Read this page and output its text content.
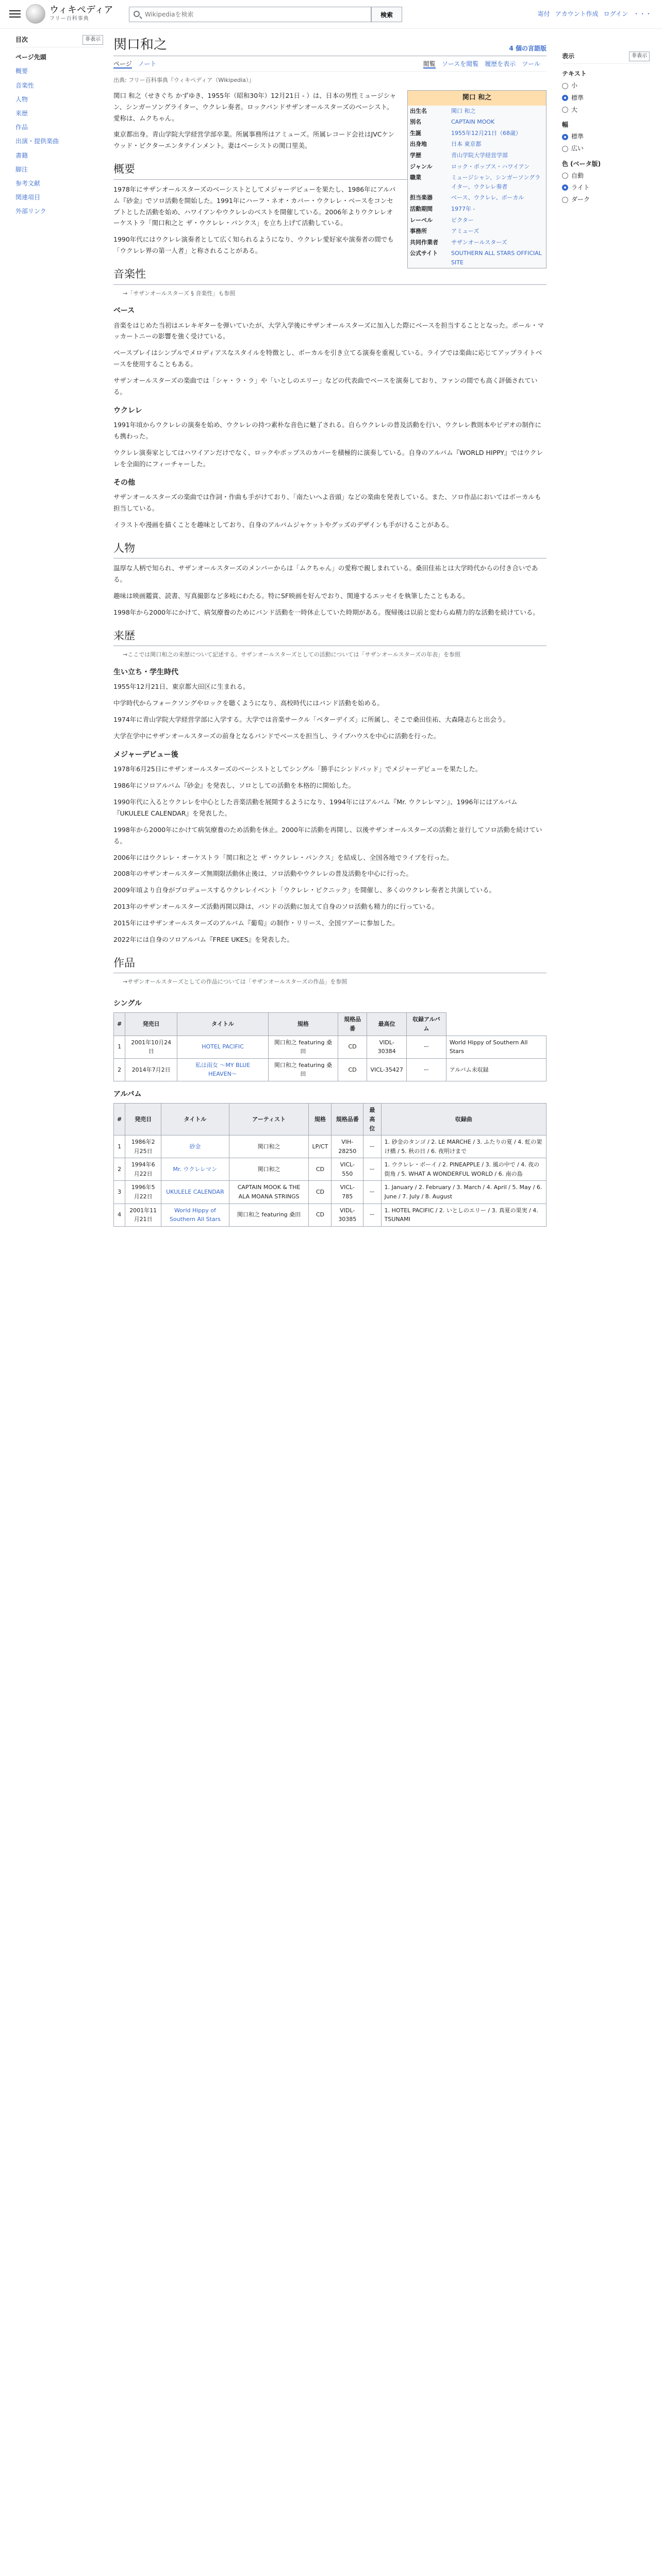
ウィキペディア
フリー百科事典
Wikipediaを検索
検索	寄付 アカウント作成 ログイン ・・・
目次	非表示
ページ先頭
概要
音楽性
人物
来歴
作品
出演・提供楽曲
書籍
脚注
参考文献
関連項目
外部リンク
関口和之	4 個の言語版
ページ ノート	閲覧 ソースを閲覧 履歴を表示 ツール
出典: フリー百科事典『ウィキペディア（Wikipedia）』
関口 和之
出生名	関口 和之
別名	CAPTAIN MOOK
生誕	1955年12月21日（68歳）
出身地	日本 東京都
学歴	青山学院大学経営学部
ジャンル	ロック・ポップス・ハワイアン
職業	ミュージシャン、シンガーソングライター、ウクレレ奏者
担当楽器	ベース、ウクレレ、ボーカル
活動期間	1977年 -
レーベル	ビクター
事務所	アミューズ
共同作業者	サザンオールスターズ
公式サイト	SOUTHERN ALL STARS OFFICIAL SITE

関口 和之（せきぐち かずゆき、1955年（昭和30年）12月21日 - ）は、日本の男性ミュージシャン、シンガーソングライター、ウクレレ奏者。ロックバンドサザンオールスターズのベーシスト。愛称は、ムクちゃん。

東京都出身。青山学院大学経営学部卒業。所属事務所はアミューズ。所属レコード会社はJVCケンウッド・ビクターエンタテインメント。妻はベーシストの関口里美。

概要

1978年にサザンオールスターズのベーシストとしてメジャーデビューを果たし、1986年にアルバム『砂金』でソロ活動を開始した。1991年にハーフ・ネオ・カバー・ウクレレ・ベースをコンセプトとした活動を始め、ハワイアンやウクレレのベストを開催している。2006年よりウクレレオーケストラ「関口和之と ザ・ウクレレ・パンクス」を立ち上げて活動している。

1990年代にはウクレレ演奏者として広く知られるようになり、ウクレレ愛好家や演奏者の間でも「ウクレレ界の第一人者」と称されることがある。

音楽性
→「サザンオールスターズ § 音楽性」も参照
ベース

音楽をはじめた当初はエレキギターを弾いていたが、大学入学後にサザンオールスターズに加入した際にベースを担当することとなった。ポール・マッカートニーの影響を強く受けている。

ベースプレイはシンプルでメロディアスなスタイルを特徴とし、ボーカルを引き立てる演奏を重視している。ライブでは楽曲に応じてアップライトベースを使用することもある。

サザンオールスターズの楽曲では「シャ・ラ・ラ」や「いとしのエリー」などの代表曲でベースを演奏しており、ファンの間でも高く評価されている。

ウクレレ

1991年頃からウクレレの演奏を始め、ウクレレの持つ素朴な音色に魅了される。自らウクレレの普及活動を行い、ウクレレ教則本やビデオの制作にも携わった。

ウクレレ演奏家としてはハワイアンだけでなく、ロックやポップスのカバーを積極的に演奏している。自身のアルバム『WORLD HIPPY』ではウクレレを全面的にフィーチャーした。

その他

サザンオールスターズの楽曲では作詞・作曲も手がけており、「南たいへよ音頭」などの楽曲を発表している。また、ソロ作品においてはボーカルも担当している。

イラストや漫画を描くことを趣味としており、自身のアルバムジャケットやグッズのデザインも手がけることがある。

人物

温厚な人柄で知られ、サザンオールスターズのメンバーからは「ムクちゃん」の愛称で親しまれている。桑田佳祐とは大学時代からの付き合いである。

趣味は映画鑑賞、読書、写真撮影など多岐にわたる。特にSF映画を好んでおり、関連するエッセイを執筆したこともある。

1998年から2000年にかけて、病気療養のためにバンド活動を一時休止していた時期がある。復帰後は以前と変わらぬ精力的な活動を続けている。

来歴
→ここでは関口和之の来歴について記述する。サザンオールスターズとしての活動については「サザンオールスターズの年表」を参照
生い立ち・学生時代

1955年12月21日、東京都大田区に生まれる。

中学時代からフォークソングやロックを聴くようになり、高校時代にはバンド活動を始める。

1974年に青山学院大学経営学部に入学する。大学では音楽サークル「ベターデイズ」に所属し、そこで桑田佳祐、大森隆志らと出会う。

大学在学中にサザンオールスターズの前身となるバンドでベースを担当し、ライブハウスを中心に活動を行った。

メジャーデビュー後

1978年6月25日にサザンオールスターズのベーシストとしてシングル「勝手にシンドバッド」でメジャーデビューを果たした。

1986年にソロアルバム『砂金』を発表し、ソロとしての活動を本格的に開始した。

1990年代に入るとウクレレを中心とした音楽活動を展開するようになり、1994年にはアルバム『Mr. ウクレレマン』、1996年にはアルバム『UKULELE CALENDAR』を発表した。

1998年から2000年にかけて病気療養のため活動を休止。2000年に活動を再開し、以後サザンオールスターズの活動と並行してソロ活動を続けている。

2006年にはウクレレ・オーケストラ「関口和之と ザ・ウクレレ・パンクス」を結成し、全国各地でライブを行った。

2008年のサザンオールスターズ無期限活動休止後は、ソロ活動やウクレレの普及活動を中心に行った。

2009年頃より自身がプロデュースするウクレレイベント「ウクレレ・ピクニック」を開催し、多くのウクレレ奏者と共演している。

2013年のサザンオールスターズ活動再開以降は、バンドの活動に加えて自身のソロ活動も精力的に行っている。

2015年にはサザンオールスターズのアルバム『葡萄』の制作・リリース、全国ツアーに参加した。

2022年には自身のソロアルバム『FREE UKES』を発表した。

作品
→サザンオールスターズとしての作品については「サザンオールスターズの作品」を参照
シングル
#	発売日	タイトル	規格	規格品番	最高位	収録アルバム	
1	2001年10月24日	HOTEL PACIFIC	関口和之 featuring 桑田	CD	VIDL-30384	ー	World Hippy of Southern All Stars
2	2014年7月2日	私は雨女 〜MY BLUE HEAVEN〜	関口和之 featuring 桑田	CD	VICL-35427	ー	アルバム未収録
アルバム
#	発売日	タイトル	アーティスト	規格	規格品番	最高位	収録曲
1	1986年2月25日	砂金	関口和之	LP/CT	VIH-28250	ー	1. 砂金のタンゴ / 2. LE MARCHE / 3. ふたりの夏 / 4. 虹の架け橋 / 5. 秋の日 / 6. 夜明けまで
2	1994年6月22日	Mr. ウクレレマン	関口和之	CD	VICL-550	ー	1. ウクレレ・ボーイ / 2. PINEAPPLE / 3. 風の中で / 4. 夜の街角 / 5. WHAT A WONDERFUL WORLD / 6. 南の島
3	1996年5月22日	UKULELE CALENDAR	CAPTAIN MOOK & THE ALA MOANA STRINGS	CD	VICL-785	ー	1. January / 2. February / 3. March / 4. April / 5. May / 6. June / 7. July / 8. August
4	2001年11月21日	World Hippy of Southern All Stars	関口和之 featuring 桑田	CD	VIDL-30385	ー	1. HOTEL PACIFIC / 2. いとしのエリー / 3. 真夏の果実 / 4. TSUNAMI
表示	非表示
テキスト
小
標準
大
幅
標準
広い
色 (ベータ版)
自動
ライト
ダーク
